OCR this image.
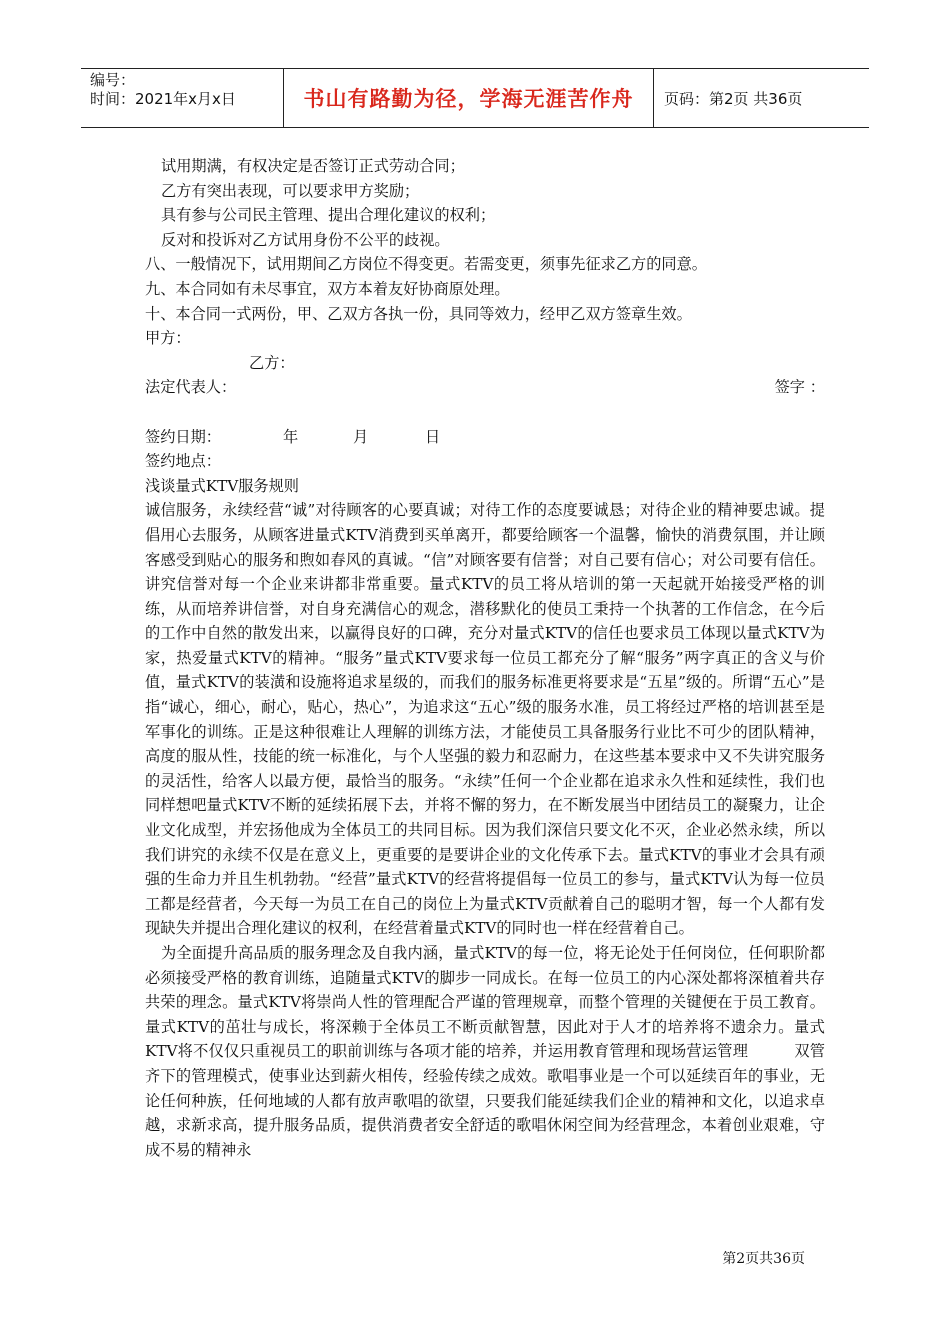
编号：
时间：2021年x月x日	书山有路勤为径，学海无涯苦作舟	页码：第2页 共36页

试用期满，有权决定是否签订正式劳动合同；

乙方有突出表现，可以要求甲方奖励；

具有参与公司民主管理、提出合理化建议的权利；

反对和投诉对乙方试用身份不公平的歧视。

八、一般情况下，试用期间乙方岗位不得变更。若需变更，须事先征求乙方的同意。

九、本合同如有未尽事宜，双方本着友好协商原处理。

十、本合同一式两份，甲、乙双方各执一份，具同等效力，经甲乙双方签章生效。

甲方：

乙方：

法定代表人：	签字 ：

签约日期：	年	月	日

签约地点：

浅谈量式KTV服务规则

诚信服务，永续经营“诚”对待顾客的心要真诚；对待工作的态度要诚恳；对待企业的精神要忠诚。提倡用心去服务，从顾客进量式KTV消费到买单离开，都要给顾客一个温馨，愉快的消费氛围，并让顾客感受到贴心的服务和煦如春风的真诚。“信”对顾客要有信誉；对自己要有信心；对公司要有信任。讲究信誉对每一个企业来讲都非常重要。量式KTV的员工将从培训的第一天起就开始接受严格的训练，从而培养讲信誉，对自身充满信心的观念，潜移默化的使员工秉持一个执著的工作信念，在今后的工作中自然的散发出来，以赢得良好的口碑，充分对量式KTV的信任也要求员工体现以量式KTV为家，热爱量式KTV的精神。“服务”量式KTV要求每一位员工都充分了解“服务”两字真正的含义与价值，量式KTV的装潢和设施将追求星级的，而我们的服务标准更将要求是“五星”级的。所谓“五心”是指“诚心，细心，耐心，贴心，热心”，为追求这“五心”级的服务水准，员工将经过严格的培训甚至是军事化的训练。正是这种很难让人理解的训练方法，才能使员工具备服务行业比不可少的团队精神，高度的服从性，技能的统一标准化，与个人坚强的毅力和忍耐力，在这些基本要求中又不失讲究服务的灵活性，给客人以最方便，最恰当的服务。“永续”任何一个企业都在追求永久性和延续性，我们也同样想吧量式KTV不断的延续拓展下去，并将不懈的努力，在不断发展当中团结员工的凝聚力，让企业文化成型，并宏扬他成为全体员工的共同目标。因为我们深信只要文化不灭，企业必然永续，所以我们讲究的永续不仅是在意义上，更重要的是要讲企业的文化传承下去。量式KTV的事业才会具有顽强的生命力并且生机勃勃。“经营”量式KTV的经营将提倡每一位员工的参与，量式KTV认为每一位员工都是经营者，今天每一为员工在自己的岗位上为量式KTV贡献着自己的聪明才智，每一个人都有发现缺失并提出合理化建议的权利，在经营着量式KTV的同时也一样在经营着自己。

为全面提升高品质的服务理念及自我内涵，量式KTV的每一位，将无论处于任何岗位，任何职阶都必须接受严格的教育训练，追随量式KTV的脚步一同成长。在每一位员工的内心深处都将深植着共存共荣的理念。量式KTV将崇尚人性的管理配合严谨的管理规章，而整个管理的关键便在于员工教育。量式KTV的茁壮与成长，将深赖于全体员工不断贡献智慧，因此对于人才的培养将不遗余力。量式KTV将不仅仅只重视员工的职前训练与各项才能的培养，并运用教育管理和现场营运管理　　　双管齐下的管理模式，使事业达到薪火相传，经验传续之成效。歌唱事业是一个可以延续百年的事业，无论任何种族，任何地域的人都有放声歌唱的欲望，只要我们能延续我们企业的精神和文化，以追求卓越，求新求高，提升服务品质，提供消费者安全舒适的歌唱休闲空间为经营理念，本着创业艰难，守成不易的精神永

第2页共36页
